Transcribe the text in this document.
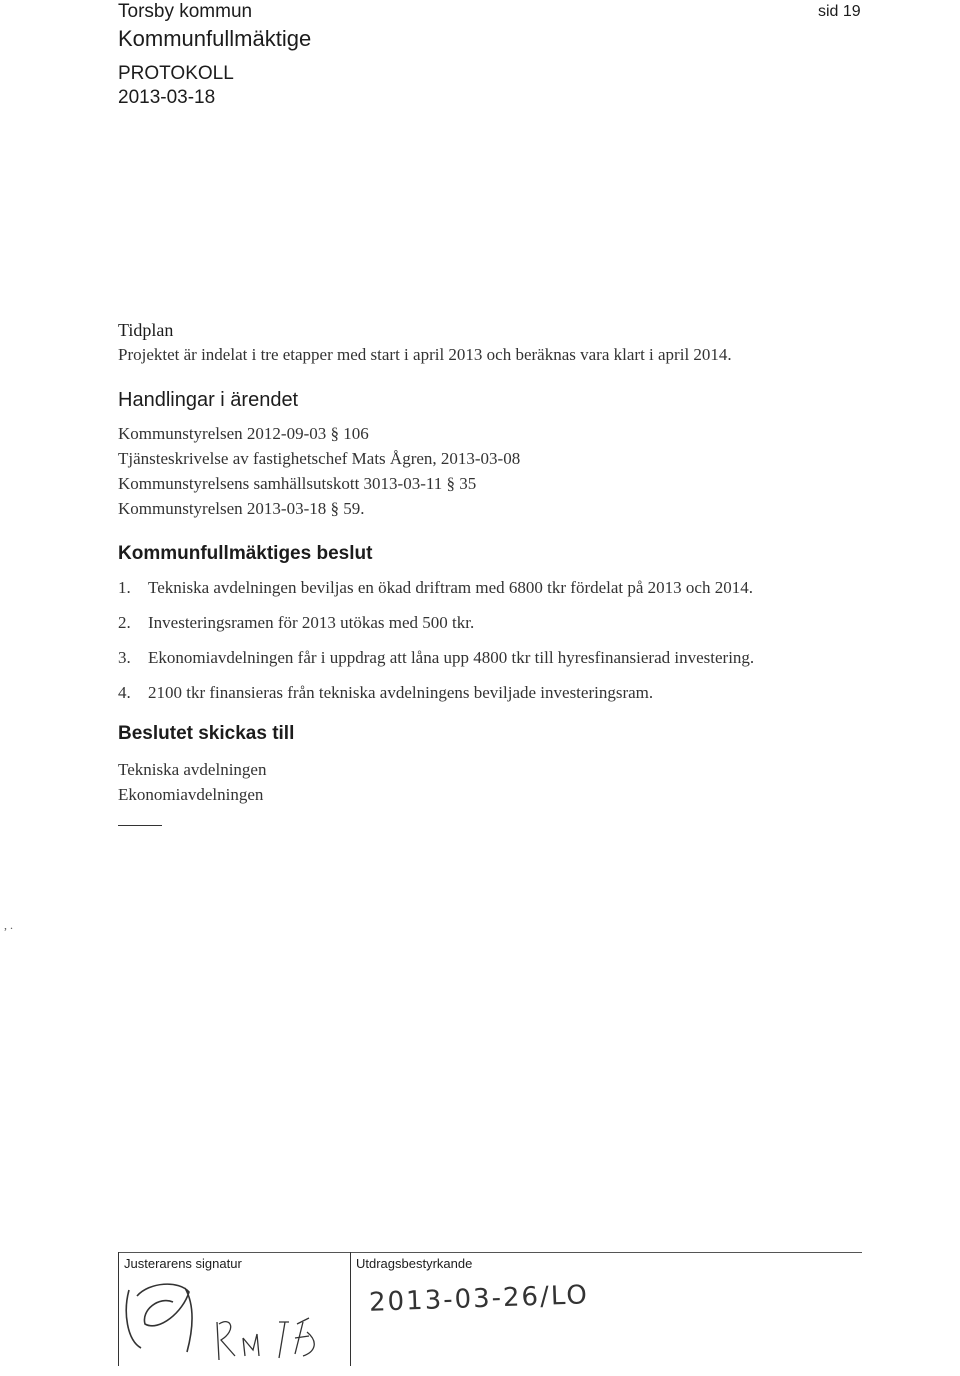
Torsby kommun
Kommunfullmäktige
PROTOKOLL
2013-03-18
sid 19
Tidplan

Projektet är indelat i tre etapper med start i april 2013 och beräknas vara klart i april 2014.

Handlingar i ärendet

Kommunstyrelsen 2012-09-03 § 106

Tjänsteskrivelse av fastighetschef Mats Ågren, 2013-03-08

Kommunstyrelsens samhällsutskott 3013-03-11 § 35

Kommunstyrelsen 2013-03-18 § 59.

Kommunfullmäktiges beslut
1.	Tekniska avdelningen beviljas en ökad driftram med 6800 tkr fördelat på 2013 och 2014.
2.	Investeringsramen för 2013 utökas med 500 tkr.
3.	Ekonomiavdelningen får i uppdrag att låna upp 4800 tkr till hyresfinansierad investering.
4.	2100 tkr finansieras från tekniska avdelningens beviljade investeringsram.
Beslutet skickas till

Tekniska avdelningen

Ekonomiavdelningen

, .
Justerarens signatur	Utdragsbestyrkande
2013-03-26/LO
